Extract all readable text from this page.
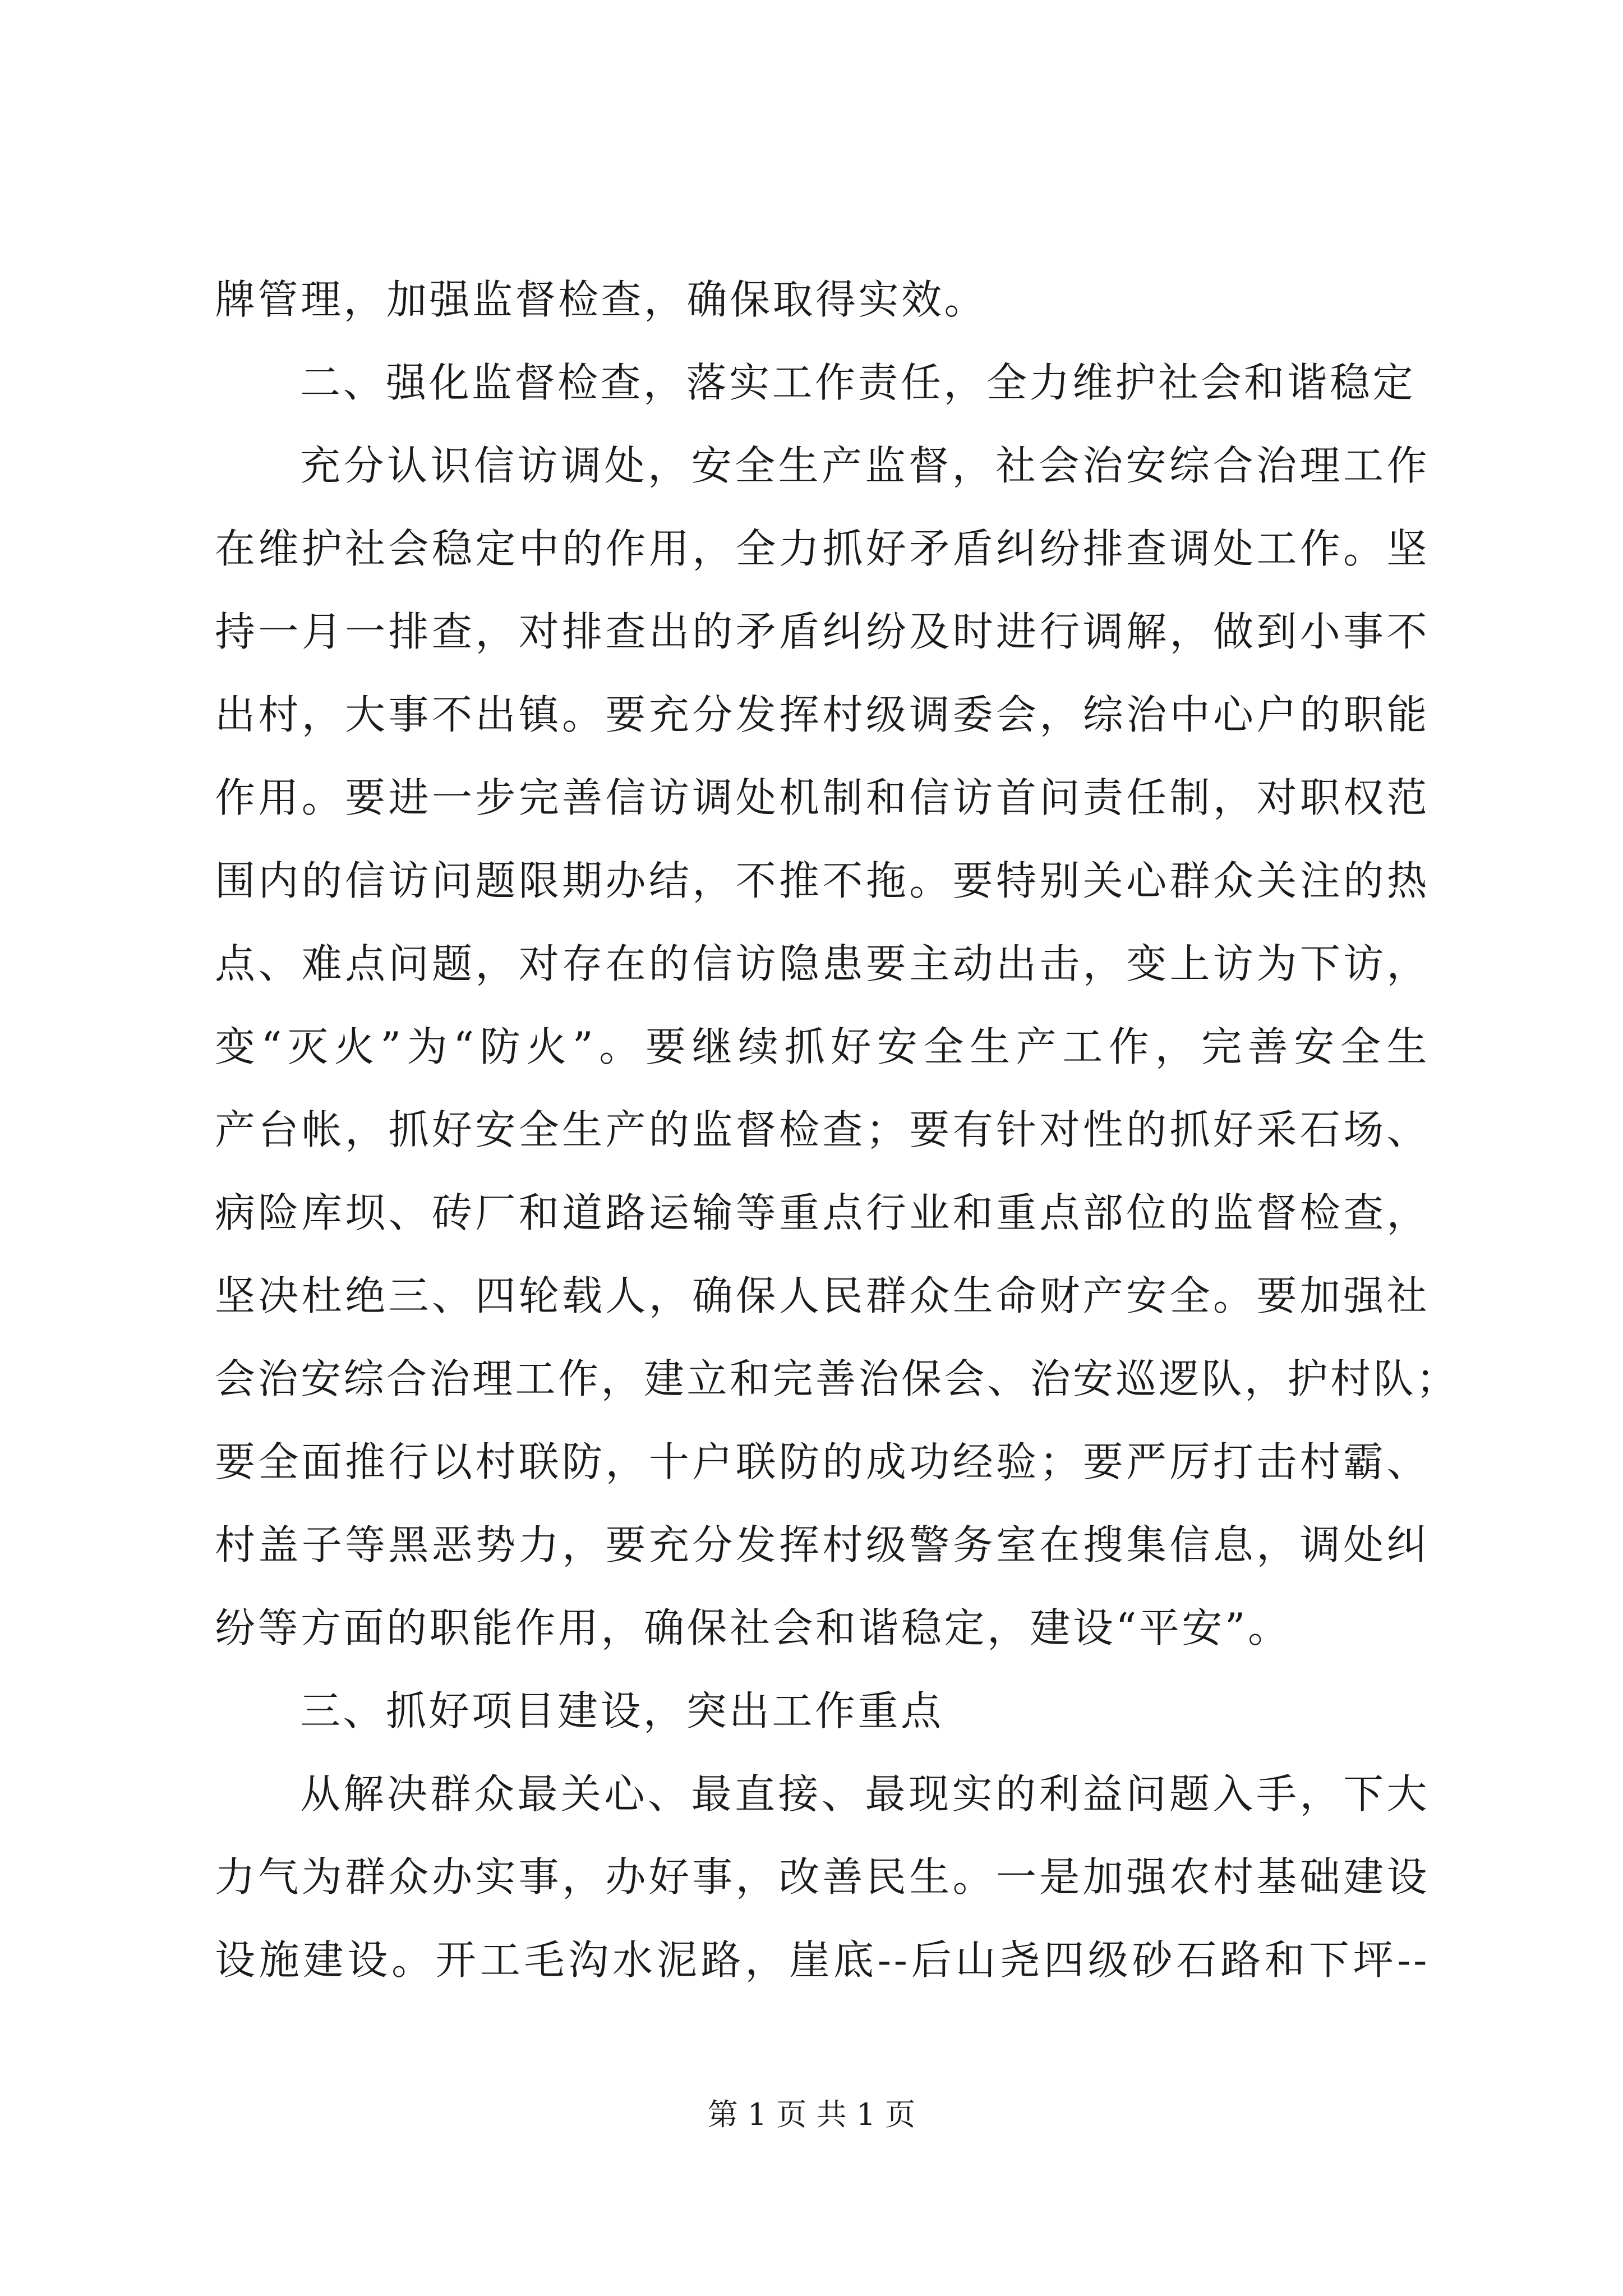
牌管理，加强监督检查，确保取得实效。
二、强化监督检查，落实工作责任，全力维护社会和谐稳定
充分认识信访调处，安全生产监督，社会治安综合治理工作
在维护社会稳定中的作用，全力抓好矛盾纠纷排查调处工作。坚
持一月一排查，对排查出的矛盾纠纷及时进行调解，做到小事不
出村，大事不出镇。要充分发挥村级调委会，综治中心户的职能
作用。要进一步完善信访调处机制和信访首问责任制，对职权范
围内的信访问题限期办结，不推不拖。要特别关心群众关注的热
点、难点问题，对存在的信访隐患要主动出击，变上访为下访，
变“灭火”为“防火”。要继续抓好安全生产工作，完善安全生
产台帐，抓好安全生产的监督检查；要有针对性的抓好采石场、
病险库坝、砖厂和道路运输等重点行业和重点部位的监督检查，
坚决杜绝三、四轮载人，确保人民群众生命财产安全。要加强社
会治安综合治理工作，建立和完善治保会、治安巡逻队，护村队；
要全面推行以村联防，十户联防的成功经验；要严厉打击村霸、
村盖子等黑恶势力，要充分发挥村级警务室在搜集信息，调处纠
纷等方面的职能作用，确保社会和谐稳定，建设“平安”。
三、抓好项目建设，突出工作重点
从解决群众最关心、最直接、最现实的利益问题入手，下大
力气为群众办实事，办好事，改善民生。一是加强农村基础建设
设施建设。开工毛沟水泥路，崖底--后山尧四级砂石路和下坪--
第 1 页 共 1 页
